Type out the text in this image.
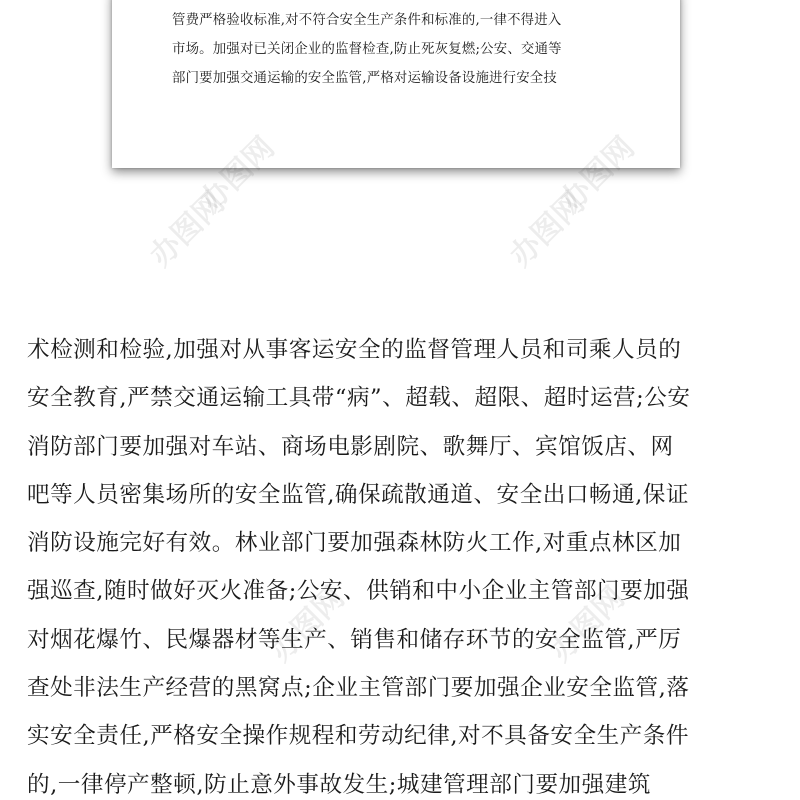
管费严格验收标准,对不符合安全生产条件和标准的,一律不得进入
市场。加强对已关闭企业的监督检查,防止死灰复燃;公安、交通等
部门要加强交通运输的安全监管,严格对运输设备设施进行安全技
办图网
办图网
办图网
办图网
办图网	办图网
术检测和检验,加强对从事客运安全的监督管理人员和司乘人员的
安全教育,严禁交通运输工具带“病”、超载、超限、超时运营;公安
消防部门要加强对车站、商场电影剧院、歌舞厅、宾馆饭店、网
吧等人员密集场所的安全监管,确保疏散通道、安全出口畅通,保证
消防设施完好有效。林业部门要加强森林防火工作,对重点林区加
强巡查,随时做好灭火准备;公安、供销和中小企业主管部门要加强
对烟花爆竹、民爆器材等生产、销售和储存环节的安全监管,严厉
查处非法生产经营的黑窝点;企业主管部门要加强企业安全监管,落
实安全责任,严格安全操作规程和劳动纪律,对不具备安全生产条件
的,一律停产整顿,防止意外事故发生;城建管理部门要加强建筑
